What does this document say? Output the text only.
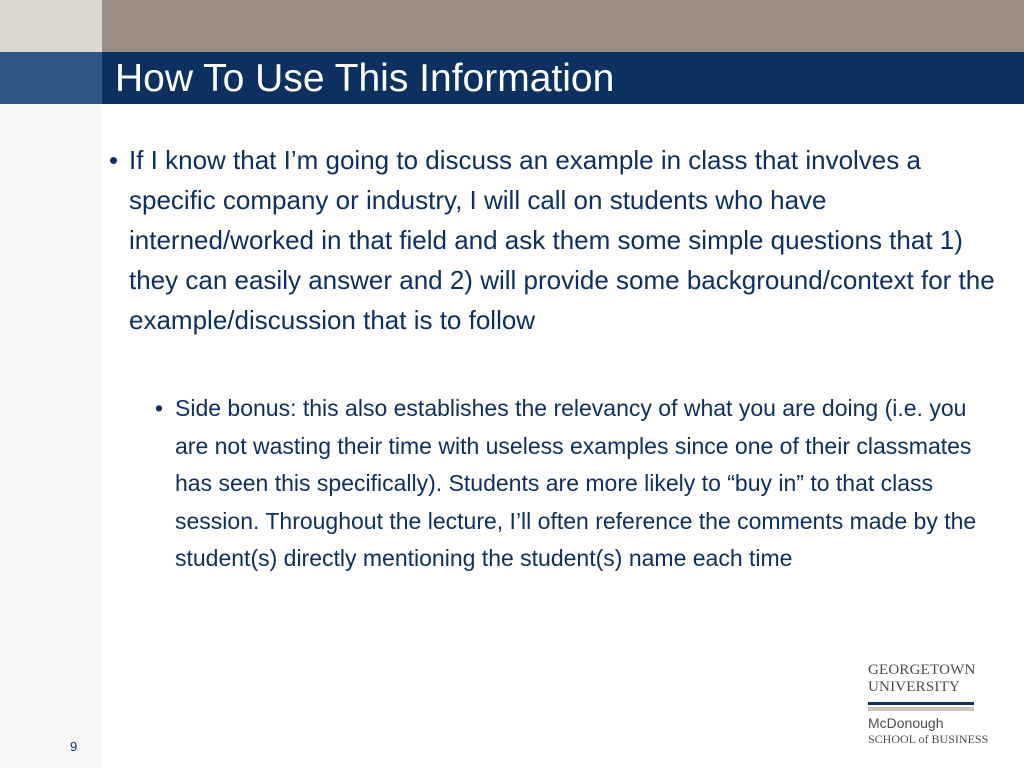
How To Use This Information
• If I know that I’m going to discuss an example in class that involves a specific company or industry, I will call on students who have interned/worked in that field and ask them some simple questions that 1) they can easily answer and 2) will provide some background/context for the example/discussion that is to follow
• Side bonus: this also establishes the relevancy of what you are doing (i.e. you are not wasting their time with useless examples since one of their classmates has seen this specifically). Students are more likely to “buy in” to that class session. Throughout the lecture, I’ll often reference the comments made by the student(s) directly mentioning the student(s) name each time
GEORGETOWN
UNIVERSITY
McDonough
SCHOOL of BUSINESS
9
